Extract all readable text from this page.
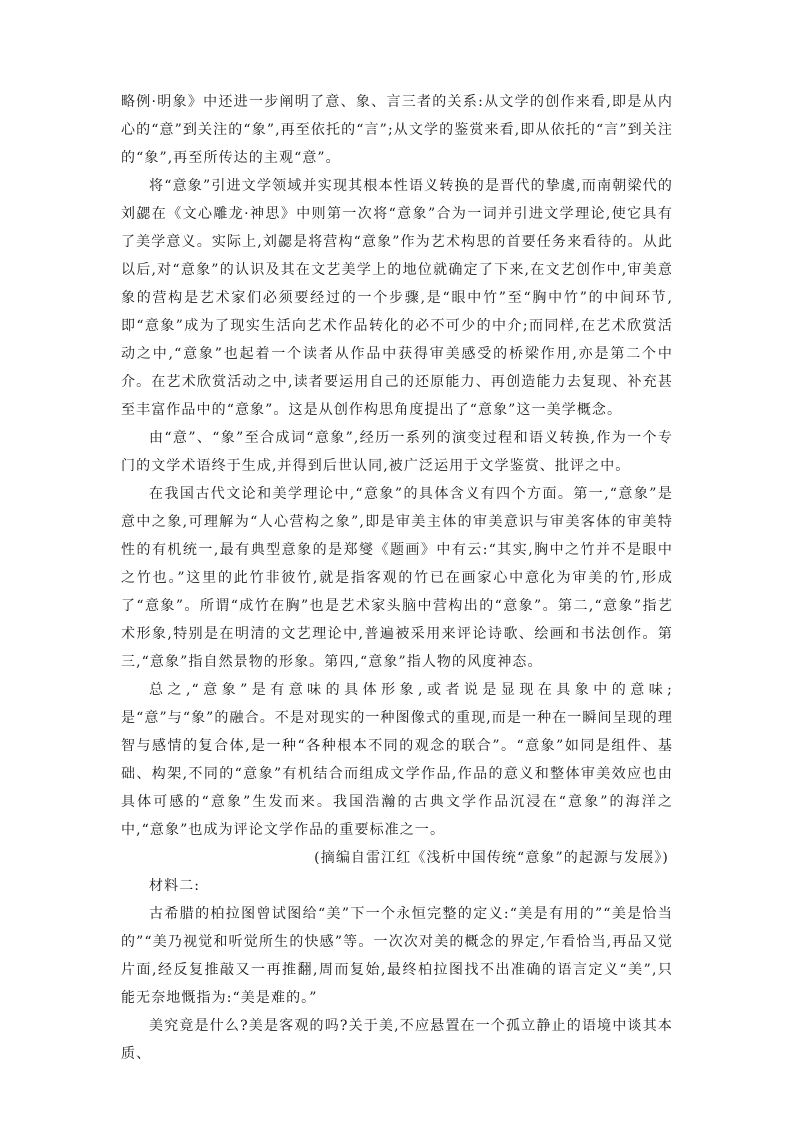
略例·明象》中还进一步阐明了意、象、言三者的关系:从文学的创作来看,即是从内心的“意”到关注的“象”,再至依托的“言”;从文学的鉴赏来看,即从依托的“言”到关注的“象”,再至所传达的主观“意”。

将“意象”引进文学领域并实现其根本性语义转换的是晋代的挚虞,而南朝梁代的刘勰在《文心雕龙·神思》中则第一次将“意象”合为一词并引进文学理论,使它具有了美学意义。实际上,刘勰是将营构“意象”作为艺术构思的首要任务来看待的。从此以后,对“意象”的认识及其在文艺美学上的地位就确定了下来,在文艺创作中,审美意象的营构是艺术家们必须要经过的一个步骤,是“眼中竹”至“胸中竹”的中间环节,即“意象”成为了现实生活向艺术作品转化的必不可少的中介;而同样,在艺术欣赏活动之中,“意象”也起着一个读者从作品中获得审美感受的桥梁作用,亦是第二个中介。在艺术欣赏活动之中,读者要运用自己的还原能力、再创造能力去复现、补充甚至丰富作品中的“意象”。这是从创作构思角度提出了“意象”这一美学概念。

由“意”、“象”至合成词“意象”,经历一系列的演变过程和语义转换,作为一个专门的文学术语终于生成,并得到后世认同,被广泛运用于文学鉴赏、批评之中。

在我国古代文论和美学理论中,“意象”的具体含义有四个方面。第一,“意象”是意中之象,可理解为“人心营构之象”,即是审美主体的审美意识与审美客体的审美特性的有机统一,最有典型意象的是郑燮《题画》中有云:“其实,胸中之竹并不是眼中之竹也。”这里的此竹非彼竹,就是指客观的竹已在画家心中意化为审美的竹,形成了“意象”。所谓“成竹在胸”也是艺术家头脑中营构出的“意象”。第二,“意象”指艺术形象,特别是在明清的文艺理论中,普遍被采用来评论诗歌、绘画和书法创作。第三,“意象”指自然景物的形象。第四,“意象”指人物的风度神态。

总之,“意象”是有意味的具体形象,或者说是显现在具象中的意味;是“意”与“象”的融合。不是对现实的一种图像式的重现,而是一种在一瞬间呈现的理智与感情的复合体,是一种“各种根本不同的观念的联合”。“意象”如同是组件、基础、构架,不同的“意象”有机结合而组成文学作品,作品的意义和整体审美效应也由具体可感的“意象”生发而来。我国浩瀚的古典文学作品沉浸在“意象”的海洋之中,“意象”也成为评论文学作品的重要标准之一。

(摘编自雷江红《浅析中国传统“意象”的起源与发展》)

材料二:

古希腊的柏拉图曾试图给“美”下一个永恒完整的定义:“美是有用的”“美是恰当的”“美乃视觉和听觉所生的快感”等。一次次对美的概念的界定,乍看恰当,再品又觉片面,经反复推敲又一再推翻,周而复始,最终柏拉图找不出准确的语言定义“美”,只能无奈地慨指为:“美是难的。”

美究竟是什么?美是客观的吗?关于美,不应悬置在一个孤立静止的语境中谈其本质、
